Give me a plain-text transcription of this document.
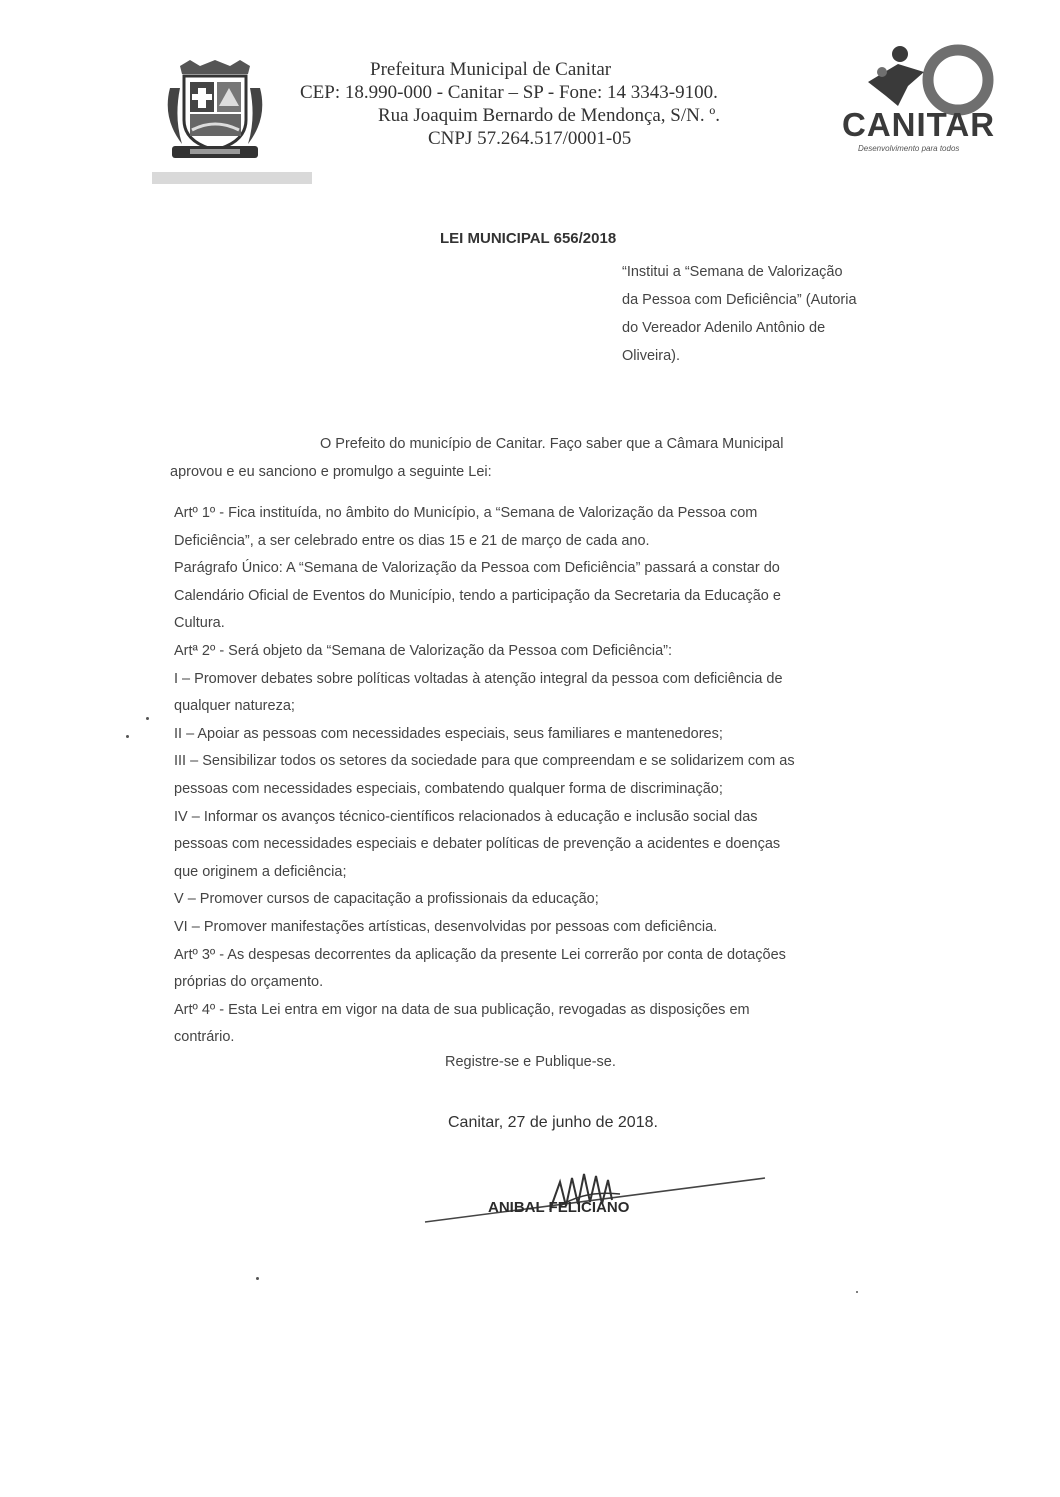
Prefeitura Municipal de Canitar
CEP: 18.990-000 - Canitar – SP - Fone: 14 3343-9100.
Rua Joaquim Bernardo de Mendonça, S/N. º.
CNPJ 57.264.517/0001-05	CANITAR
Desenvolvimento para todos
LEI MUNICIPAL 656/2018
“Institui a “Semana de Valorização
da Pessoa com Deficiência” (Autoria
do Vereador Adenilo Antônio de
Oliveira).
O Prefeito do município de Canitar. Faço saber que a Câmara Municipal
aprovou e eu sanciono e promulgo a seguinte Lei:
Artº 1º - Fica instituída, no âmbito do Município, a “Semana de Valorização da Pessoa com
Deficiência”, a ser celebrado entre os dias 15 e 21 de março de cada ano.
Parágrafo Único: A “Semana de Valorização da Pessoa com Deficiência” passará a constar do
Calendário Oficial de Eventos do Município, tendo a participação da Secretaria da Educação e
Cultura.
Artª 2º - Será objeto da “Semana de Valorização da Pessoa com Deficiência”:
I – Promover debates sobre políticas voltadas à atenção integral da pessoa com deficiência de
qualquer natureza;
II – Apoiar as pessoas com necessidades especiais, seus familiares e mantenedores;
III – Sensibilizar todos os setores da sociedade para que compreendam e se solidarizem com as
pessoas com necessidades especiais, combatendo qualquer forma de discriminação;
IV – Informar os avanços técnico-científicos relacionados à educação e inclusão social das
pessoas com necessidades especiais e debater políticas de prevenção a acidentes e doenças
que originem a deficiência;
V – Promover cursos de capacitação a profissionais da educação;
VI – Promover manifestações artísticas, desenvolvidas por pessoas com deficiência.
Artº 3º - As despesas decorrentes da aplicação da presente Lei correrão por conta de dotações
próprias do orçamento.
Artº 4º - Esta Lei entra em vigor na data de sua publicação, revogadas as disposições em
contrário.
Registre-se e Publique-se.
Canitar, 27 de junho de 2018.
ANIBAL FELICIANO
